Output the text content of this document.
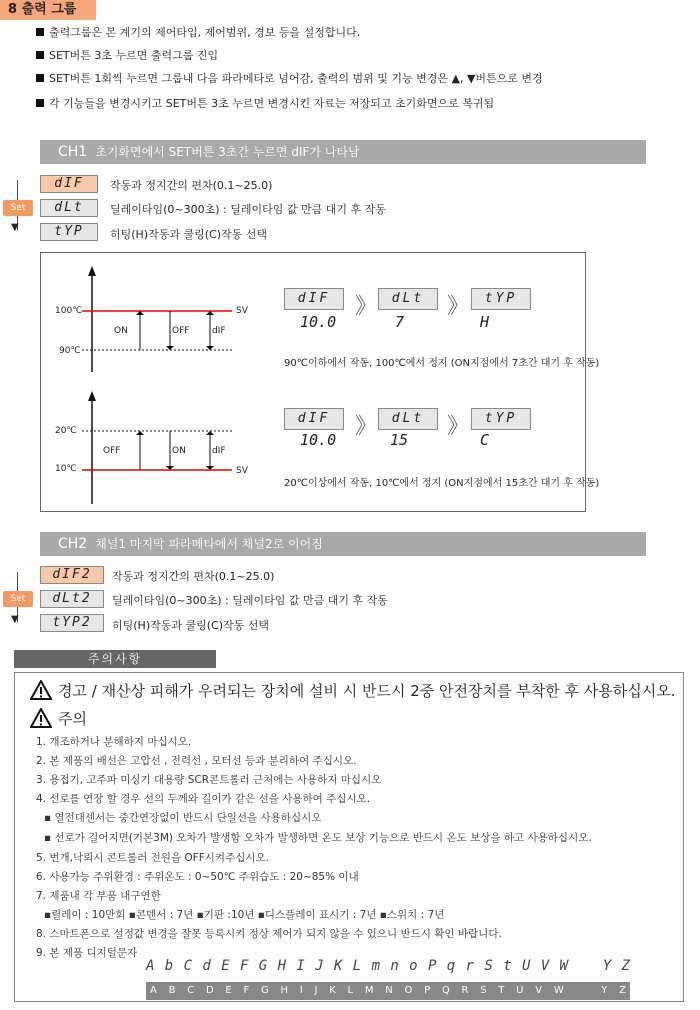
8 출력 그룹
출력그룹은 본 계기의 제어타입, 제어범위, 경보 등을 설정합니다.
SET버튼 3초 누르면 출력그룹 진입
SET버튼 1회씩 누르면 그룹내 다음 파라메타로 넘어감, 출력의 범위 및 기능 변경은 ▲, ▼버튼으로 변경
각 기능들을 변경시키고 SET버튼 3초 누르면 변경시킨 자료는 저장되고 초기화면으로 복귀됨
CH1 초기화면에서 SET버튼 3초간 누르면 dIF가 나타남
▼
Set
dIF	작동과 정지간의 편차(0.1~25.0)
dLt	딜레이타임(0~300초) : 딜레이타임 값 만큼 대기 후 작동
tYP	히팅(H)작동과 쿨링(C)작동 선택
100℃
90℃
SV
ON	OFF	dIF
20℃
10℃	SV
OFF	ON	dIF
dIF
10.0
》	dLt
7
》	tYP
H
90℃이하에서 작동, 100℃에서 정지 (ON지점에서 7초간 대기 후 작동)
dIF
10.0
》	dLt
15
》	tYP
C
20℃이상에서 작동, 10℃에서 정지 (ON지점에서 15초간 대기 후 작동)
CH2 채널1 마지막 파라메타에서 채널2로 이어짐
▼
Set
dIF2	작동과 정지간의 편차(0.1~25.0)
dLt2	딜레이타임(0~300초) : 딜레이타임 값 만큼 대기 후 작동
tYP2	히팅(H)작동과 쿨링(C)작동 선택
주의사항
경고 / 재산상 피해가 우려되는 장치에 설비 시 반드시 2중 안전장치를 부착한 후 사용하십시오.
주의
1. 개조하거나 분해하지 마십시오.
2. 본 제품의 배선은 고압선 , 전력선 , 모터선 등과 분리하여 주십시오.
3. 용접기, 고주파 미싱기 대용량 SCR콘트롤러 근처에는 사용하지 마십시오
4. 선로를 연장 할 경우 선의 두께와 길이가 같은 선을 사용하여 주십시오.
▪ 열전대센서는 중간연장없이 반드시 단일선을 사용하십시오
▪ 선로가 길어지면(기본3M) 오차가 발생함 오차가 발생하면 온도 보상 기능으로 반드시 온도 보상을 하고 사용하십시오.
5. 번개,낙뢰시 콘트롤러 전원을 OFF시켜주십시오.
6. 사용가능 주위환경 : 주위온도 : 0~50℃ 주위습도 : 20~85% 이내
7. 제품내 각 부품 내구연한
▪릴레이 : 10만회 ▪콘덴서 : 7년 ▪기판 :10년 ▪디스플레이 표시기 : 7년 ▪스위치 : 7년
8. 스마트폰으로 설정값 변경을 잘못 등록시켜 정상 제어가 되지 않을 수 있으니 반드시 확인 바랍니다.
9. 본 제품 디지털문자
A b C d E F G H I J K L m n o P q r S t U V W Y Z
A B C D E F G H I J K L M N O P Q R S T U V W	Y Z
